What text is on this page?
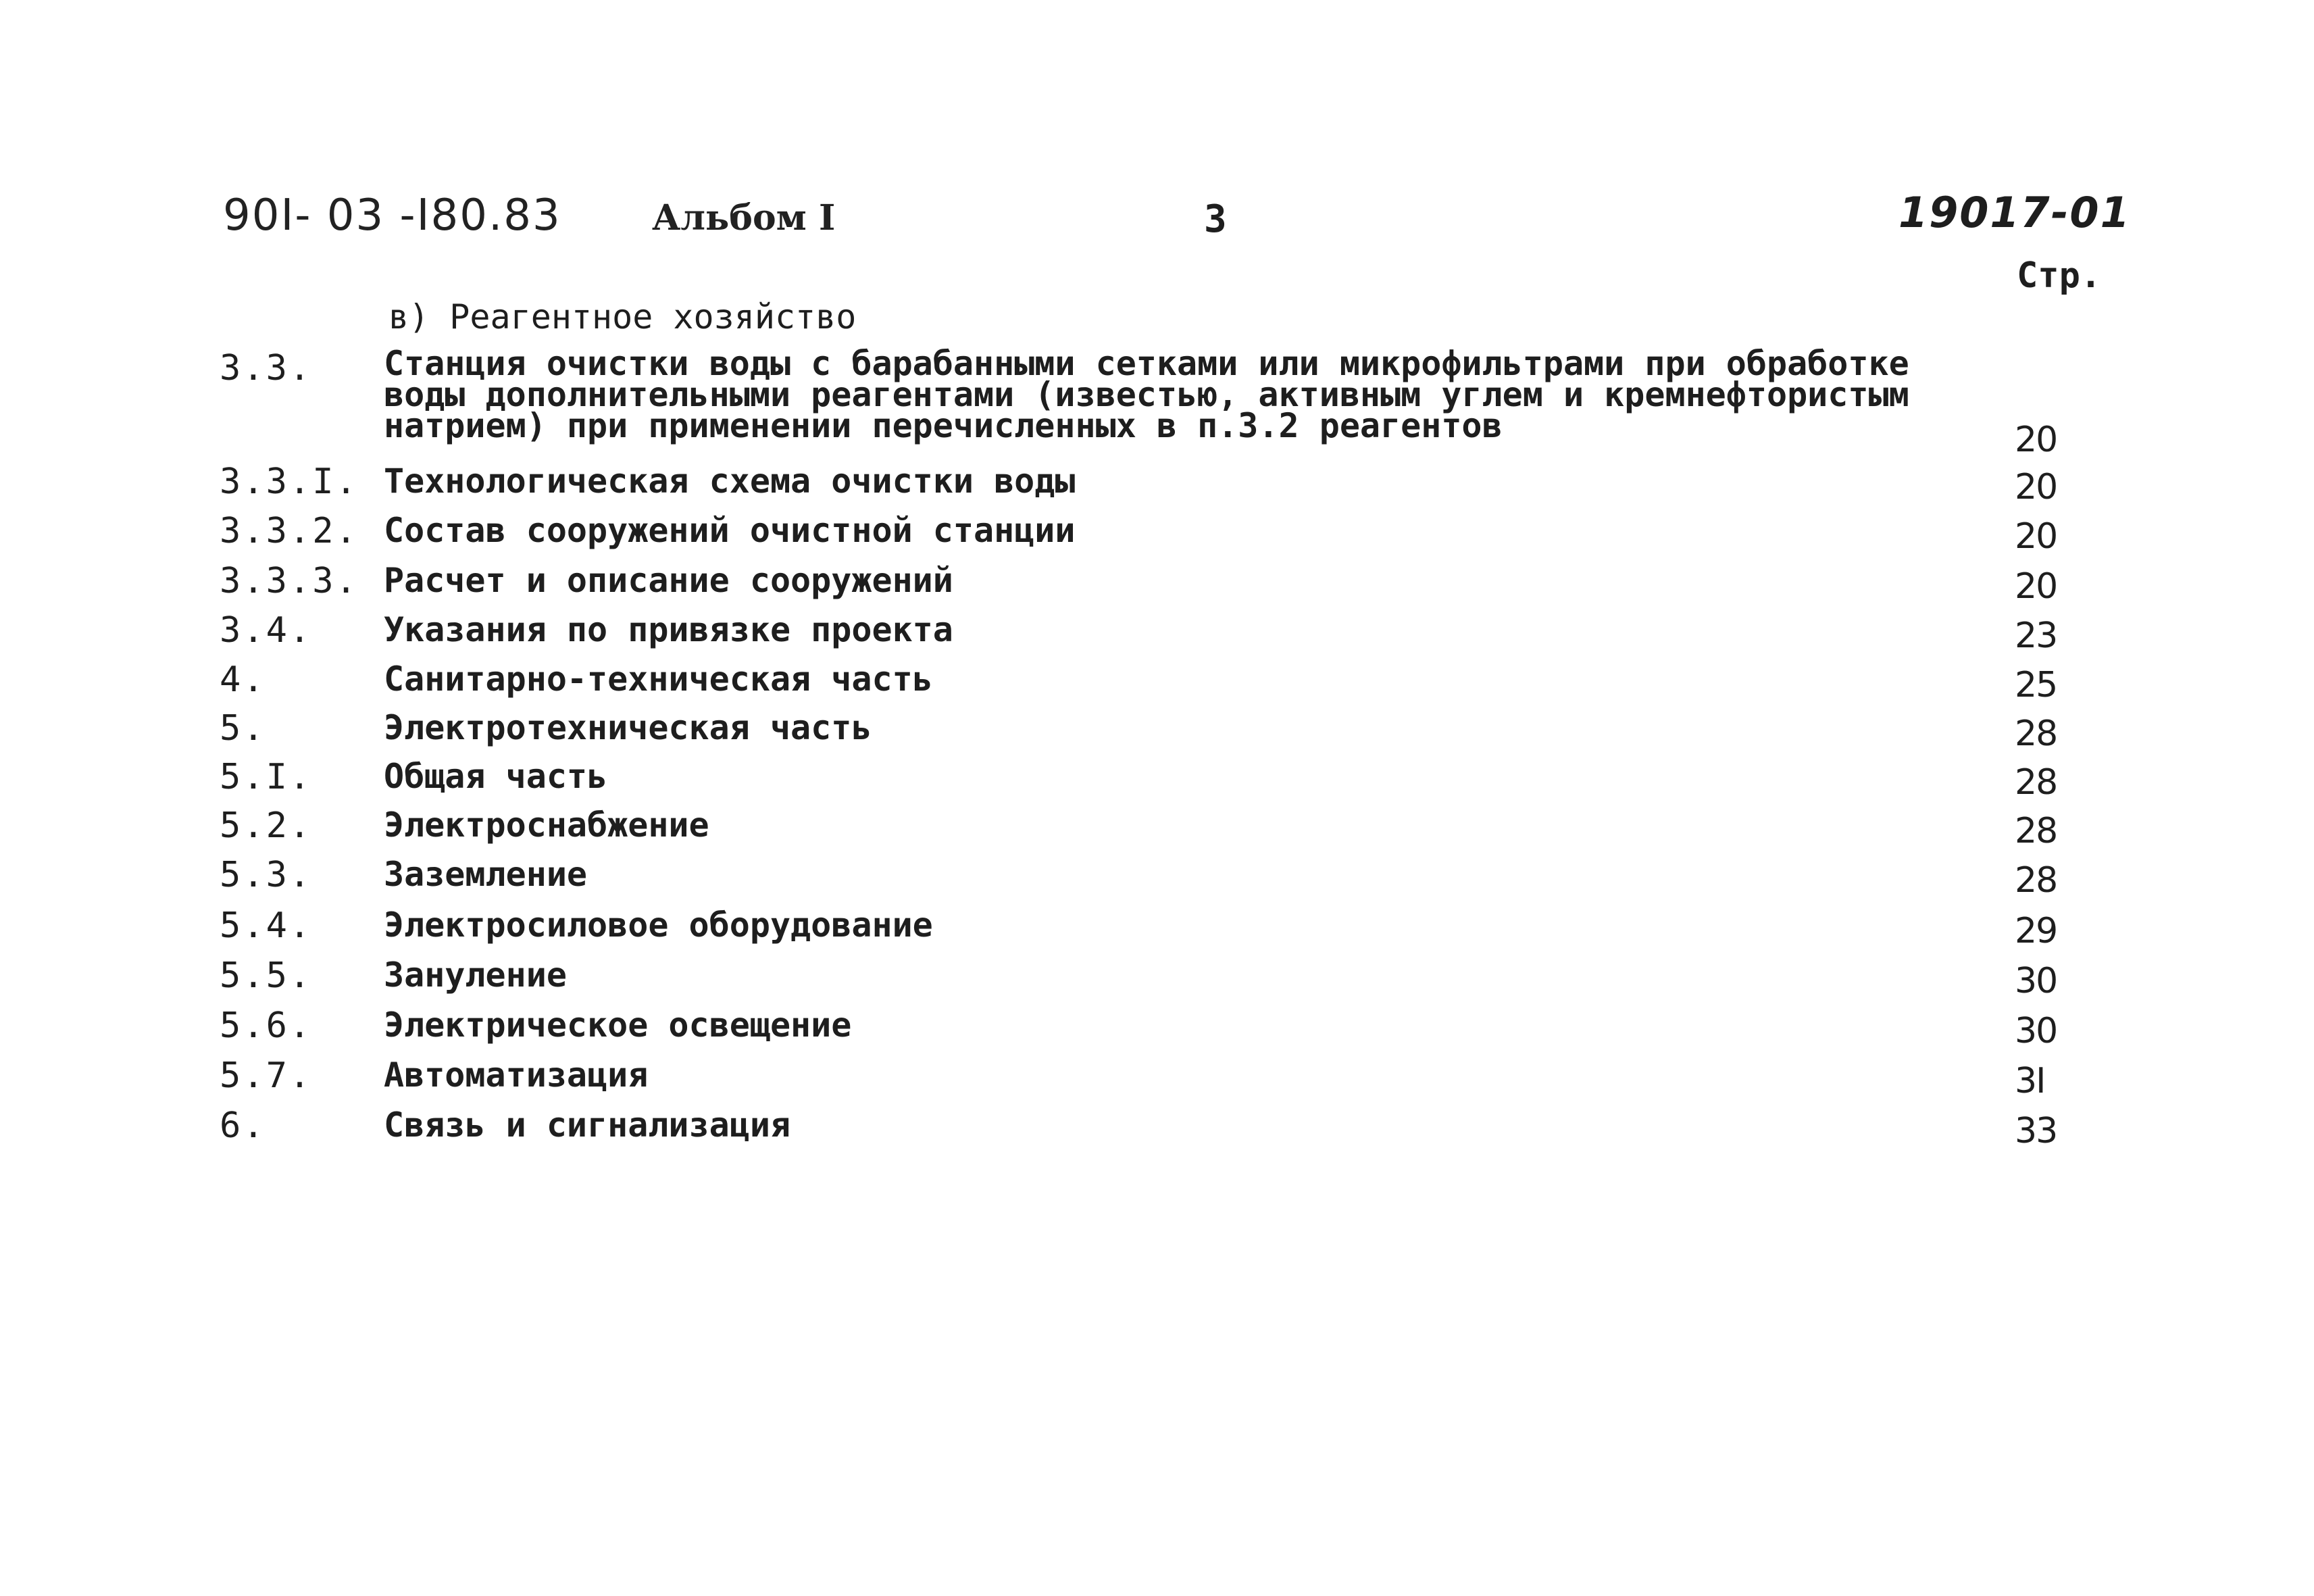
90I- 03 -I80.83	Альбом I	3	19017-01
Стр.
в) Реагентное хозяйство
3.3. Станция очистки воды с барабанными сетками или микрофильтрами при обработке
воды дополнительными реагентами (известью, активным углем и кремнефтористым
натрием) при применении перечисленных в п.3.2 реагентов	20
3.3.I. Технологическая схема очистки воды	20
3.3.2. Состав сооружений очистной станции	20
3.3.3. Расчет и описание сооружений	20
3.4. Указания по привязке проекта	23
4.	Санитарно-техническая часть	25
5.	Электротехническая часть	28
5.I. Общая часть	28
5.2. Электроснабжение	28
5.3. Заземление	28
5.4. Электросиловое оборудование	29
5.5. Зануление	30
5.6. Электрическое освещение	30
5.7. Автоматизация	3I
6.	Связь и сигнализация	33
